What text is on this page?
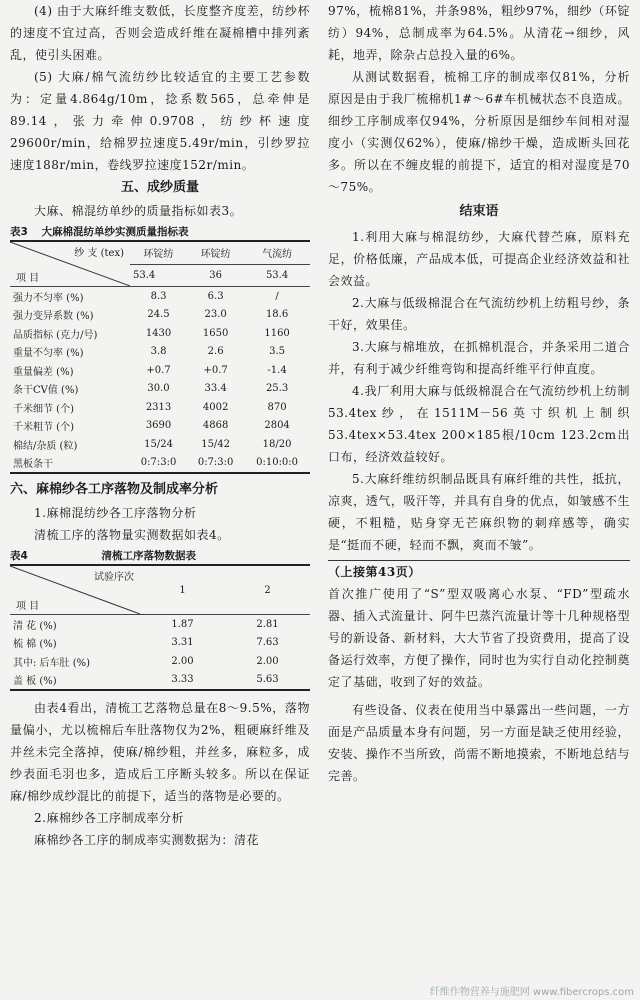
(4) 由于大麻纤维支数低，长度整齐度差，纺纱杯的速度不宜过高，否则会造成纤维在凝棉槽中排列紊乱，使引头困难。

(5) 大麻/棉气流纺纱比较适宜的主要工艺参数为：定量4.864g/10m，捻系数565，总牵伸是89.14，张力牵伸0.9708，纺纱杯速度29600r/min，给棉罗拉速度5.49r/min，引纱罗拉速度188r/min，卷线罗拉速度152r/min。

五、成纱质量

大麻、棉混纺单纱的质量指标如表3。

表3 大麻棉混纺单纱实测质量指标表

纱 支 (tex)
项 目	环锭纺	环锭纺	气流纺
	53.4	36	53.4
强力不匀率 (%)	8.3	6.3	∕
强力变异系数 (%)	24.5	23.0	18.6
品质指标 (克力/号)	1430	1650	1160
重量不匀率 (%)	3.8	2.6	3.5
重量偏差 (%)	+0.7	+0.7	-1.4
条干CV值 (%)	30.0	33.4	25.3
千米细节 (个)	2313	4002	870
千米粗节 (个)	3690	4868	2804
棉结/杂质 (粒)	15/24	15/42	18/20
黑板条干	0:7:3:0	0:7:3:0	0:10:0:0

六、麻棉纱各工序落物及制成率分析

1.麻棉混纺纱各工序落物分析

清梳工序的落物量实测数据如表4。

表4	清梳工序落物数据表

试验序次
项 目	1	2
清 花 (%)	1.87	2.81
梳 棉 (%)	3.31	7.63
其中: 后车肚 (%)	2.00	2.00
盖 板 (%)	3.33	5.63

由表4看出，清梳工艺落物总量在8～9.5%，落物量偏小，尤以梳棉后车肚落物仅为2%，粗硬麻纤维及并丝未完全落掉，使麻/棉纱粗，并丝多，麻粒多，成纱表面毛羽也多，造成后工序断头较多。所以在保证麻/棉纱成纱混比的前提下，适当的落物是必要的。

2.麻棉纱各工序制成率分析

麻棉纱各工序的制成率实测数据为：清花

97%，梳棉81%，并条98%，粗纱97%，细纱（环锭纺）94%，总制成率为64.5%。从清花→细纱，风耗，地弄，除杂占总投入量的6%。

从测试数据看，梳棉工序的制成率仅81%，分析原因是由于我厂梳棉机1#～6#车机械状态不良造成。细纱工序制成率仅94%，分析原因是细纱车间相对湿度小（实测仅62%），使麻/棉纱干燥，造成断头回花多。所以在不缠皮辊的前提下，适宜的相对湿度是70～75%。

结束语

1.利用大麻与棉混纺纱，大麻代替苎麻，原料充足，价格低廉，产品成本低，可提高企业经济效益和社会效益。

2.大麻与低级棉混合在气流纺纱机上纺粗号纱，条干好，效果佳。

3.大麻与棉堆放，在抓棉机混合，并条采用二道合并，有利于减少纤维弯钩和提高纤维平行伸直度。

4.我厂利用大麻与低级棉混合在气流纺纱机上纺制53.4tex纱，在1511M－56英寸织机上制织53.4tex×53.4tex 200×185根/10cm 123.2cm出口布，经济效益较好。

5.大麻纤维纺织制品既具有麻纤维的共性，抵抗，凉爽，透气，吸汗等，并具有自身的优点，如皱感不生硬，不粗糙，贴身穿无芒麻织物的刺痒感等，确实是“挺而不硬，轻而不飘，爽而不皱”。

（上接第43页）

首次推广使用了“S”型双吸离心水泵、“FD”型疏水器、插入式流量计、阿牛巴蒸汽流量计等十几种规格型号的新设备、新材料，大大节省了投资费用，提高了设备运行效率，方便了操作，同时也为实行自动化控制奠定了基础，收到了好的效益。

有些设备、仪表在使用当中暴露出一些问题，一方面是产品质量本身有问题，另一方面是缺乏使用经验，安装、操作不当所致，尚需不断地摸索，不断地总结与完善。

纤维作物营养与施肥网 www.fibercrops.com
